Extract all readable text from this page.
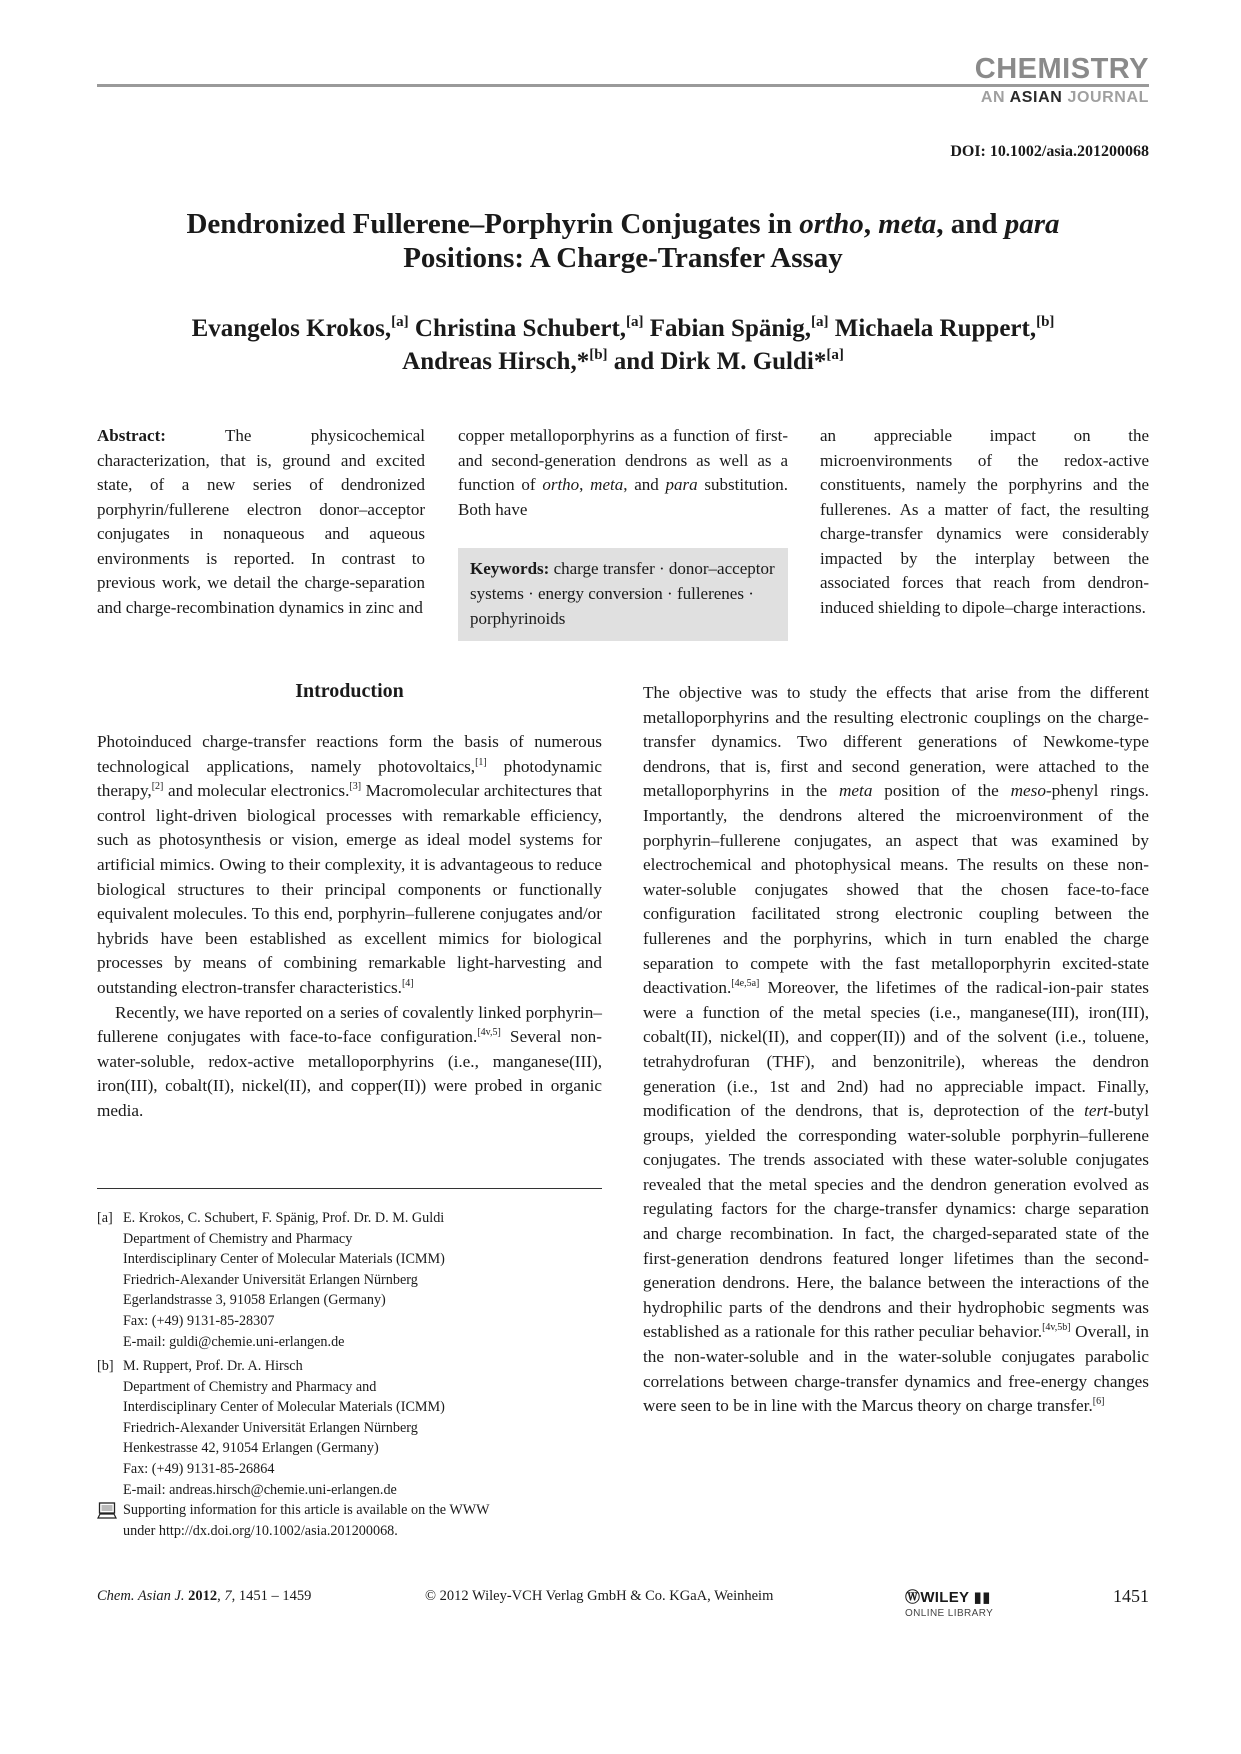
CHEMISTRY
AN ASIAN JOURNAL
DOI: 10.1002/asia.201200068
Dendronized Fullerene–Porphyrin Conjugates in ortho, meta, and para
Positions: A Charge-Transfer Assay
Evangelos Krokos,[a] Christina Schubert,[a] Fabian Spänig,[a] Michaela Ruppert,[b]
Andreas Hirsch,*[b] and Dirk M. Guldi*[a]
Abstract: The physicochemical characterization, that is, ground and excited state, of a new series of dendronized porphyrin/fullerene electron donor–acceptor conjugates in nonaqueous and aqueous environments is reported. In contrast to previous work, we detail the charge-separation and charge-recombination dynamics in zinc and
copper metalloporphyrins as a function of first- and second-generation dendrons as well as a function of ortho, meta, and para substitution. Both have
an appreciable impact on the microenvironments of the redox-active constituents, namely the porphyrins and the fullerenes. As a matter of fact, the resulting charge-transfer dynamics were considerably impacted by the interplay between the associated forces that reach from dendron-induced shielding to dipole–charge interactions.
Keywords: charge transfer · donor–acceptor systems · energy conversion · fullerenes · porphyrinoids
Introduction

Photoinduced charge-transfer reactions form the basis of numerous technological applications, namely photovoltaics,[1] photodynamic therapy,[2] and molecular electronics.[3] Macromolecular architectures that control light-driven biological processes with remarkable efficiency, such as photosynthesis or vision, emerge as ideal model systems for artificial mimics. Owing to their complexity, it is advantageous to reduce biological structures to their principal components or functionally equivalent molecules. To this end, porphyrin–fullerene conjugates and/or hybrids have been established as excellent mimics for biological processes by means of combining remarkable light-harvesting and outstanding electron-transfer characteristics.[4]

Recently, we have reported on a series of covalently linked porphyrin–fullerene conjugates with face-to-face configuration.[4v,5] Several non-water-soluble, redox-active metalloporphyrins (i.e., manganese(III), iron(III), cobalt(II), nickel(II), and copper(II)) were probed in organic media.

The objective was to study the effects that arise from the different metalloporphyrins and the resulting electronic couplings on the charge-transfer dynamics. Two different generations of Newkome-type dendrons, that is, first and second generation, were attached to the metalloporphyrins in the meta position of the meso-phenyl rings. Importantly, the dendrons altered the microenvironment of the porphyrin–fullerene conjugates, an aspect that was examined by electrochemical and photophysical means. The results on these non-water-soluble conjugates showed that the chosen face-to-face configuration facilitated strong electronic coupling between the fullerenes and the porphyrins, which in turn enabled the charge separation to compete with the fast metalloporphyrin excited-state deactivation.[4e,5a] Moreover, the lifetimes of the radical-ion-pair states were a function of the metal species (i.e., manganese(III), iron(III), cobalt(II), nickel(II), and copper(II)) and of the solvent (i.e., toluene, tetrahydrofuran (THF), and benzonitrile), whereas the dendron generation (i.e., 1st and 2nd) had no appreciable impact. Finally, modification of the dendrons, that is, deprotection of the tert-butyl groups, yielded the corresponding water-soluble porphyrin–fullerene conjugates. The trends associated with these water-soluble conjugates revealed that the metal species and the dendron generation evolved as regulating factors for the charge-transfer dynamics: charge separation and charge recombination. In fact, the charged-separated state of the first-generation dendrons featured longer lifetimes than the second-generation dendrons. Here, the balance between the interactions of the hydrophilic parts of the dendrons and their hydrophobic segments was established as a rationale for this rather peculiar behavior.[4v,5b] Overall, in the non-water-soluble and in the water-soluble conjugates parabolic correlations between charge-transfer dynamics and free-energy changes were seen to be in line with the Marcus theory on charge transfer.[6]

[a] E. Krokos, C. Schubert, F. Spänig, Prof. Dr. D. M. Guldi
Department of Chemistry and Pharmacy
Interdisciplinary Center of Molecular Materials (ICMM)
Friedrich-Alexander Universität Erlangen Nürnberg
Egerlandstrasse 3, 91058 Erlangen (Germany)
Fax: (+49) 9131-85-28307
E-mail: guldi@chemie.uni-erlangen.de
[b] M. Ruppert, Prof. Dr. A. Hirsch
Department of Chemistry and Pharmacy and
Interdisciplinary Center of Molecular Materials (ICMM)
Friedrich-Alexander Universität Erlangen Nürnberg
Henkestrasse 42, 91054 Erlangen (Germany)
Fax: (+49) 9131-85-26864
E-mail: andreas.hirsch@chemie.uni-erlangen.de
Supporting information for this article is available on the WWW
under http://dx.doi.org/10.1002/asia.201200068.
Chem. Asian J. 2012, 7, 1451 – 1459	© 2012 Wiley-VCH Verlag GmbH & Co. KGaA, Weinheim	ⓌWILEY ▮▮
ONLINE LIBRARY
1451
